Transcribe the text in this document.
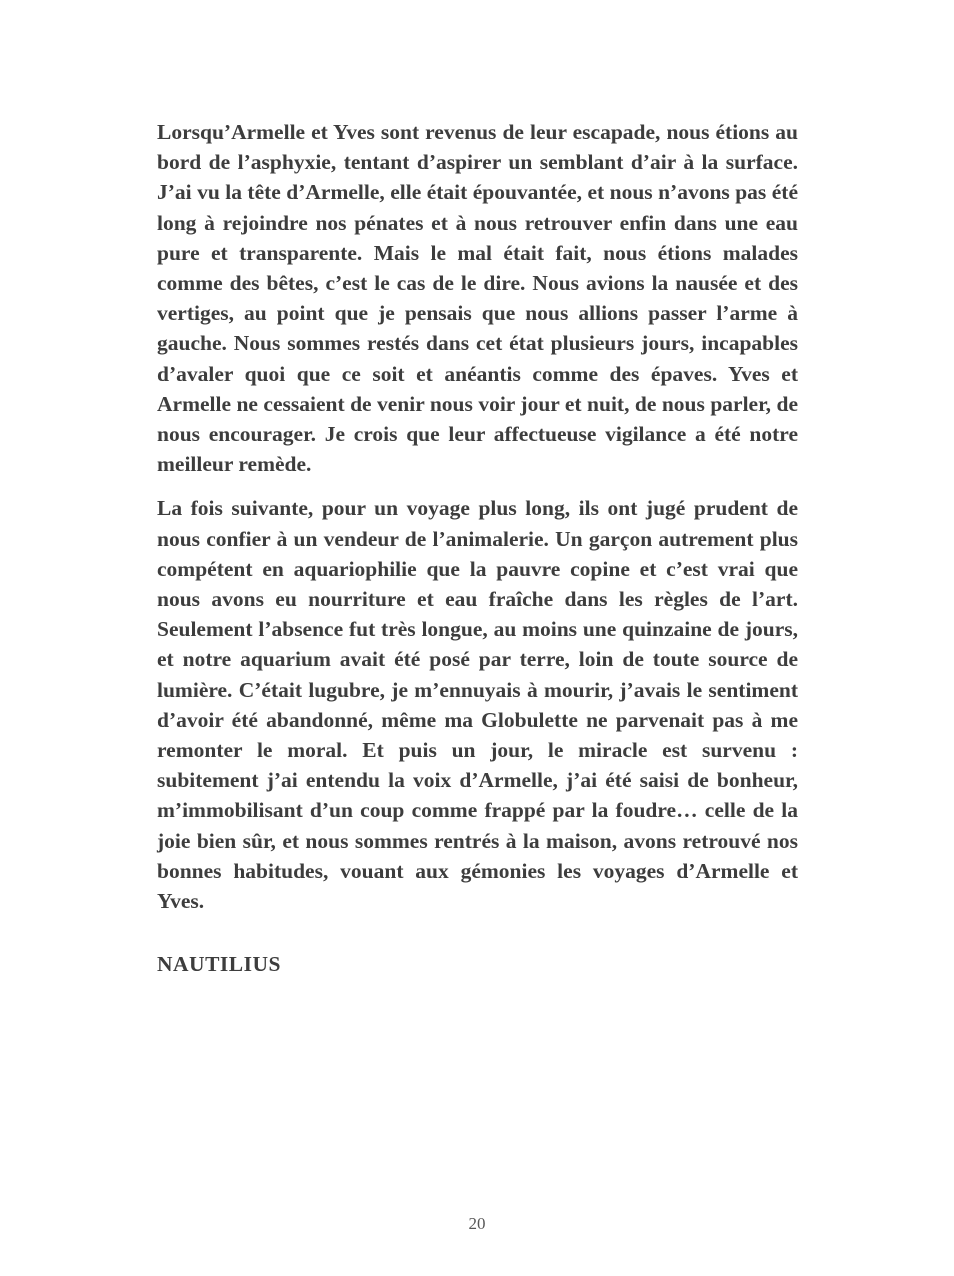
Lorsqu’Armelle et Yves sont revenus de leur escapade, nous étions au bord de l’asphyxie, tentant d’aspirer un semblant d’air à la surface. J’ai vu la tête d’Armelle, elle était épouvantée, et nous n’avons pas été long à rejoindre nos pénates et à nous retrouver enfin dans une eau pure et transparente. Mais le mal était fait, nous étions malades comme des bêtes, c’est le cas de le dire. Nous avions la nausée et des vertiges, au point que je pensais que nous allions passer l’arme à gauche. Nous sommes restés dans cet état plusieurs jours, incapables d’avaler quoi que ce soit et anéantis comme des épaves. Yves et Armelle ne cessaient de venir nous voir jour et nuit, de nous parler, de nous encourager. Je crois que leur affectueuse vigilance a été notre meilleur remède.

La fois suivante, pour un voyage plus long, ils ont jugé prudent de nous confier à un vendeur de l’animalerie. Un garçon autrement plus compétent en aquariophilie que la pauvre copine et c’est vrai que nous avons eu nourriture et eau fraîche dans les règles de l’art. Seulement l’absence fut très longue, au moins une quinzaine de jours, et notre aquarium avait été posé par terre, loin de toute source de lumière. C’était lugubre, je m’ennuyais à mourir, j’avais le sentiment d’avoir été abandonné, même ma Globulette ne parvenait pas à me remonter le moral. Et puis un jour, le miracle est survenu : subitement j’ai entendu la voix d’Armelle, j’ai été saisi de bonheur, m’immobilisant d’un coup comme frappé par la foudre… celle de la joie bien sûr, et nous sommes rentrés à la maison, avons retrouvé nos bonnes habitudes, vouant aux gémonies les voyages d’Armelle et Yves.

NAUTILIUS

20
